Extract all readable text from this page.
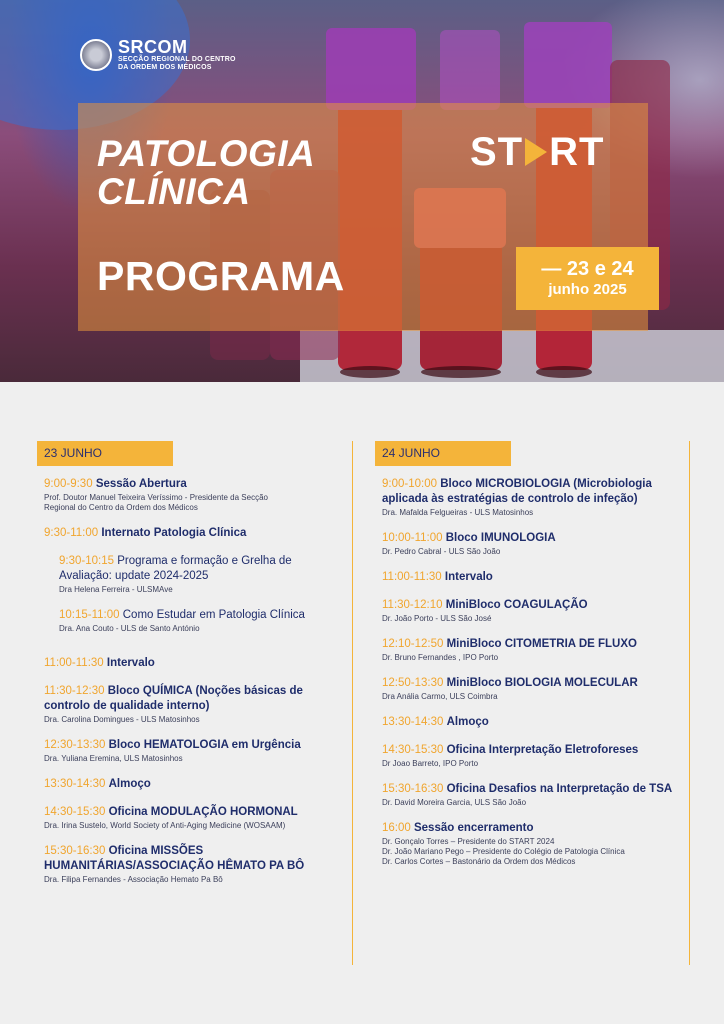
SRCOM
SECÇÃO REGIONAL DO CENTRO
DA ORDEM DOS MÉDICOS
PATOLOGIA
CLÍNICA
PROGRAMA
ST RT
— 23 e 24
junho 2025
23 JUNHO
9:00-9:30 Sessão Abertura
Prof. Doutor Manuel Teixeira Veríssimo - Presidente da Secção
Regional do Centro da Ordem dos Médicos
9:30-11:00 Internato Patologia Clínica
9:30-10:15 Programa e formação e Grelha de Avaliação: update 2024-2025
Dra Helena Ferreira - ULSMAve
10:15-11:00 Como Estudar em Patologia Clínica
Dra. Ana Couto - ULS de Santo António
11:00-11:30 Intervalo
11:30-12:30 Bloco QUÍMICA (Noções básicas de controlo de qualidade interno)
Dra. Carolina Domingues - ULS Matosinhos
12:30-13:30 Bloco HEMATOLOGIA em Urgência
Dra. Yuliana Eremina, ULS Matosinhos
13:30-14:30 Almoço
14:30-15:30 Oficina MODULAÇÃO HORMONAL
Dra. Irina Sustelo, World Society of Anti-Aging Medicine (WOSAAM)
15:30-16:30 Oficina MISSÕES HUMANITÁRIAS/ASSOCIAÇÃO HÊMATO PA BÔ
Dra. Filipa Fernandes - Associação Hemato Pa Bô
24 JUNHO
9:00-10:00 Bloco MICROBIOLOGIA (Microbiologia aplicada às estratégias de controlo de infeção)
Dra. Mafalda Felgueiras - ULS Matosinhos
10:00-11:00 Bloco IMUNOLOGIA
Dr. Pedro Cabral - ULS São João
11:00-11:30 Intervalo
11:30-12:10 MiniBloco COAGULAÇÃO
Dr. João Porto - ULS São José
12:10-12:50 MiniBloco CITOMETRIA DE FLUXO
Dr. Bruno Fernandes , IPO Porto
12:50-13:30 MiniBloco BIOLOGIA MOLECULAR
Dra Anália Carmo, ULS Coimbra
13:30-14:30 Almoço
14:30-15:30 Oficina Interpretação Eletroforeses
Dr Joao Barreto, IPO Porto
15:30-16:30 Oficina Desafios na Interpretação de TSA
Dr. David Moreira Garcia, ULS São João
16:00 Sessão encerramento
Dr. Gonçalo Torres – Presidente do START 2024
Dr. João Mariano Pego – Presidente do Colégio de Patologia Clínica
Dr. Carlos Cortes – Bastonário da Ordem dos Médicos
